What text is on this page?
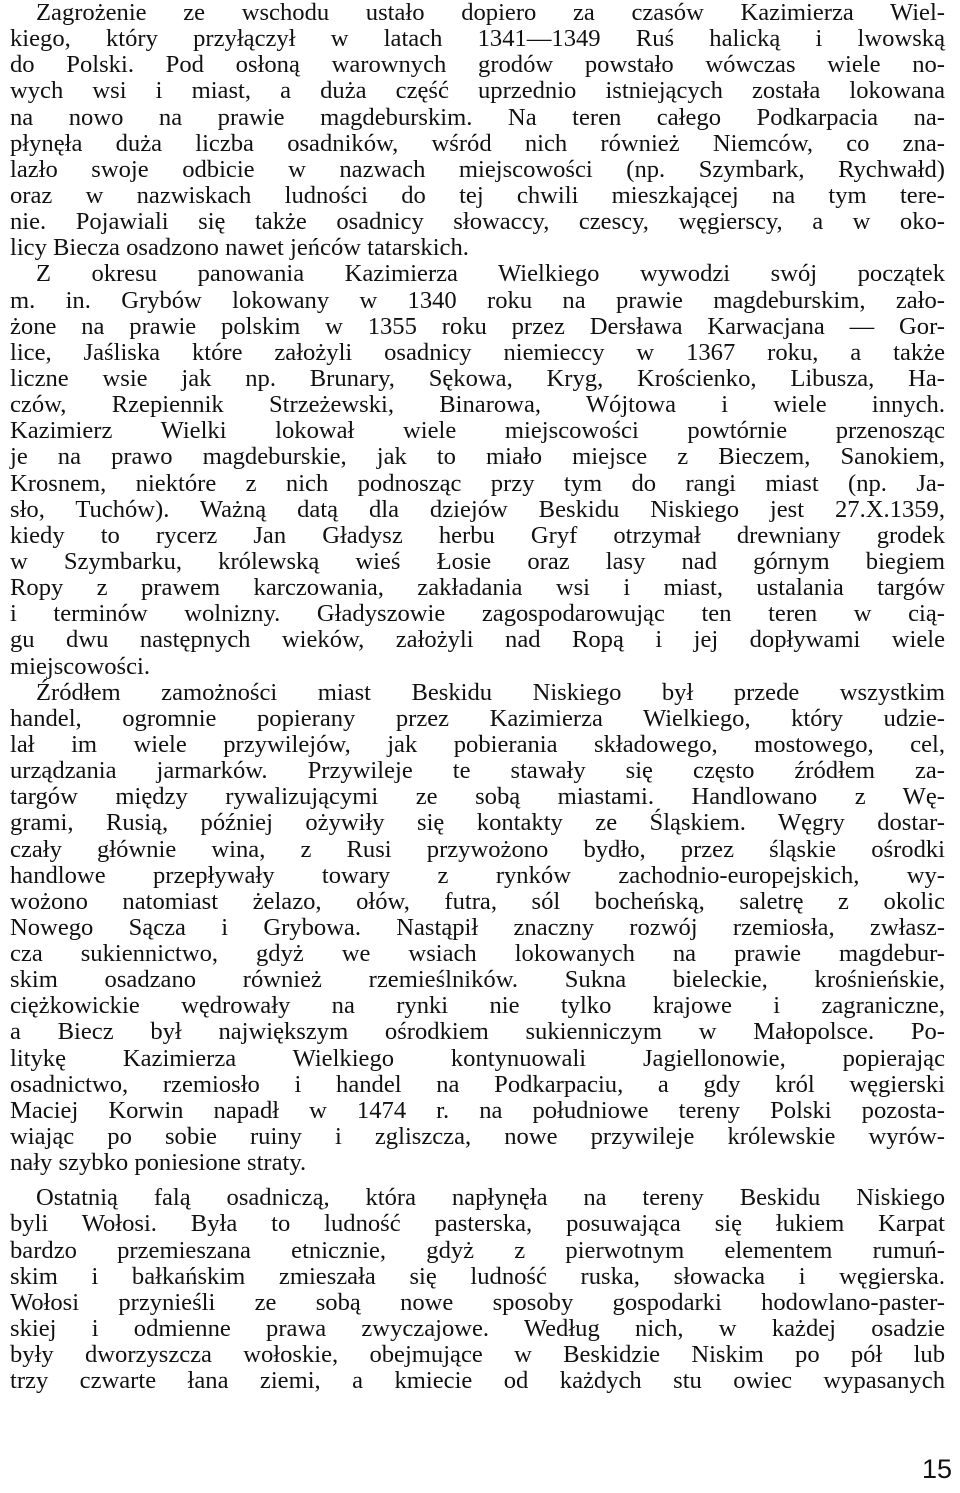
Zagrożenie ze wschodu ustało dopiero za czasów Kazimierza Wiel-
kiego, który przyłączył w latach 1341—1349 Ruś halicką i lwowską
do Polski. Pod osłoną warownych grodów powstało wówczas wiele no-
wych wsi i miast, a duża część uprzednio istniejących została lokowana
na nowo na prawie magdeburskim. Na teren całego Podkarpacia na-
płynęła duża liczba osadników, wśród nich również Niemców, co zna-
lazło swoje odbicie w nazwach miejscowości (np. Szymbark, Rychwałd)
oraz w nazwiskach ludności do tej chwili mieszkającej na tym tere-
nie. Pojawiali się także osadnicy słowaccy, czescy, węgierscy, a w oko-
licy Biecza osadzono nawet jeńców tatarskich.
Z okresu panowania Kazimierza Wielkiego wywodzi swój początek
m. in. Grybów lokowany w 1340 roku na prawie magdeburskim, zało-
żone na prawie polskim w 1355 roku przez Dersława Karwacjana — Gor-
lice, Jaśliska które założyli osadnicy niemieccy w 1367 roku, a także
liczne wsie jak np. Brunary, Sękowa, Kryg, Krościenko, Libusza, Ha-
czów, Rzepiennik Strzeżewski, Binarowa, Wójtowa i wiele innych.
Kazimierz Wielki lokował wiele miejscowości powtórnie przenosząc
je na prawo magdeburskie, jak to miało miejsce z Bieczem, Sanokiem,
Krosnem, niektóre z nich podnosząc przy tym do rangi miast (np. Ja-
sło, Tuchów). Ważną datą dla dziejów Beskidu Niskiego jest 27.X.1359,
kiedy to rycerz Jan Gładysz herbu Gryf otrzymał drewniany grodek
w Szymbarku, królewską wieś Łosie oraz lasy nad górnym biegiem
Ropy z prawem karczowania, zakładania wsi i miast, ustalania targów
i terminów wolnizny. Gładyszowie zagospodarowując ten teren w cią-
gu dwu następnych wieków, założyli nad Ropą i jej dopływami wiele
miejscowości.
Źródłem zamożności miast Beskidu Niskiego był przede wszystkim
handel, ogromnie popierany przez Kazimierza Wielkiego, który udzie-
lał im wiele przywilejów, jak pobierania składowego, mostowego, cel,
urządzania jarmarków. Przywileje te stawały się często źródłem za-
targów między rywalizującymi ze sobą miastami. Handlowano z Wę-
grami, Rusią, później ożywiły się kontakty ze Śląskiem. Węgry dostar-
czały głównie wina, z Rusi przywożono bydło, przez śląskie ośrodki
handlowe przepływały towary z rynków zachodnio-europejskich, wy-
wożono natomiast żelazo, ołów, futra, sól bocheńską, saletrę z okolic
Nowego Sącza i Grybowa. Nastąpił znaczny rozwój rzemiosła, zwłasz-
cza sukiennictwo, gdyż we wsiach lokowanych na prawie magdebur-
skim osadzano również rzemieślników. Sukna bieleckie, krośnieńskie,
ciężkowickie wędrowały na rynki nie tylko krajowe i zagraniczne,
a Biecz był największym ośrodkiem sukienniczym w Małopolsce. Po-
litykę Kazimierza Wielkiego kontynuowali Jagiellonowie, popierając
osadnictwo, rzemiosło i handel na Podkarpaciu, a gdy król węgierski
Maciej Korwin napadł w 1474 r. na południowe tereny Polski pozosta-
wiając po sobie ruiny i zgliszcza, nowe przywileje królewskie wyrów-
nały szybko poniesione straty.
Ostatnią falą osadniczą, która napłynęła na tereny Beskidu Niskiego
byli Wołosi. Była to ludność pasterska, posuwająca się łukiem Karpat
bardzo przemieszana etnicznie, gdyż z pierwotnym elementem rumuń-
skim i bałkańskim zmieszała się ludność ruska, słowacka i węgierska.
Wołosi przynieśli ze sobą nowe sposoby gospodarki hodowlano-paster-
skiej i odmienne prawa zwyczajowe. Według nich, w każdej osadzie
były dworzyszcza wołoskie, obejmujące w Beskidzie Niskim po pół lub
trzy czwarte łana ziemi, a kmiecie od każdych stu owiec wypasanych
15
